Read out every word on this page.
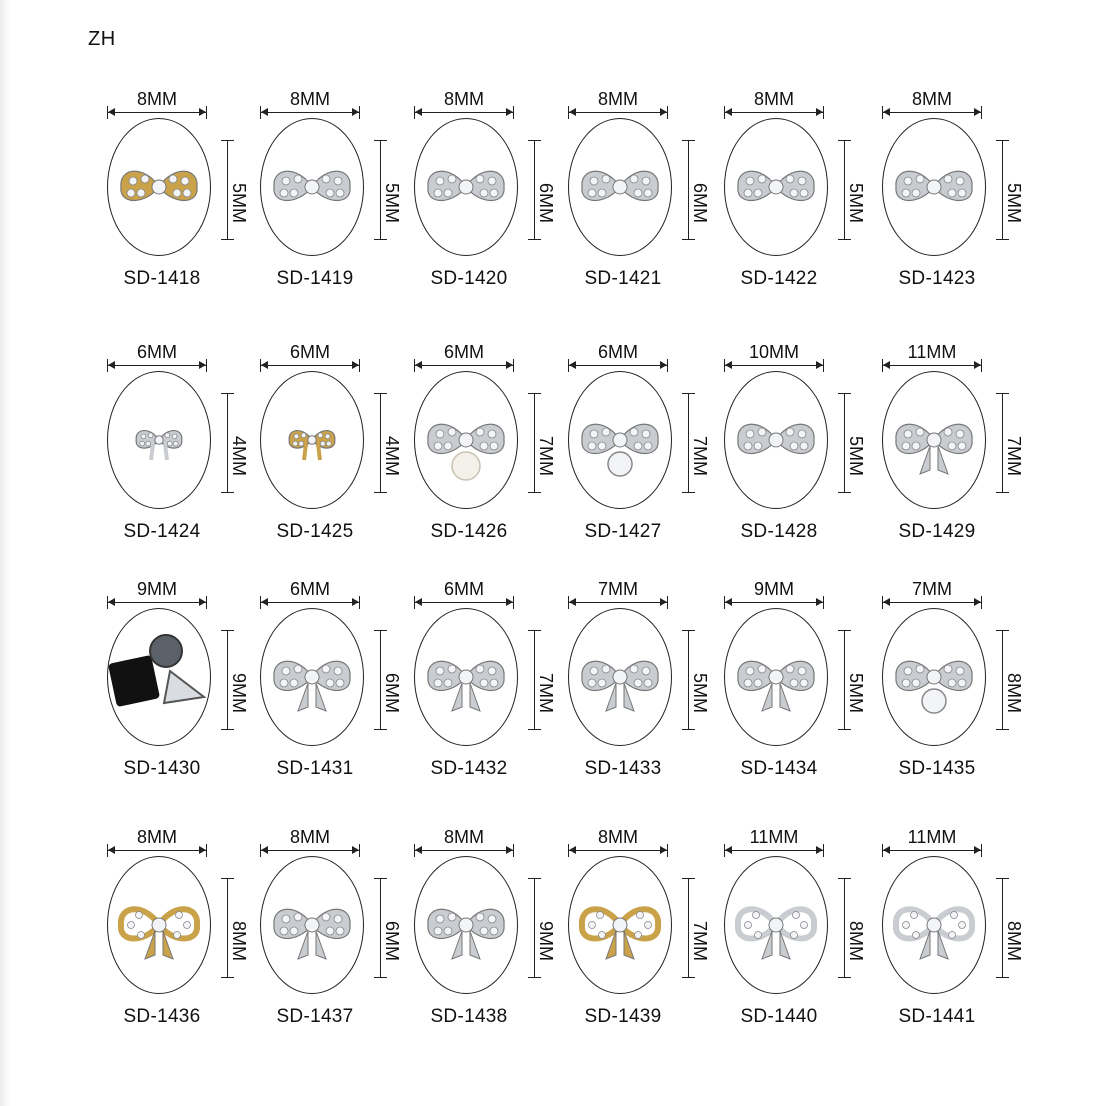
ZH
8MM
5MM
SD-1418
8MM
5MM
SD-1419
8MM
6MM
SD-1420
8MM
6MM
SD-1421
8MM
5MM
SD-1422
8MM
5MM
SD-1423
6MM
4MM
SD-1424
6MM
4MM
SD-1425
6MM
7MM
SD-1426
6MM
7MM
SD-1427
10MM
5MM
SD-1428
11MM
7MM
SD-1429
9MM
9MM
SD-1430
6MM
6MM
SD-1431
6MM
7MM
SD-1432
7MM
5MM
SD-1433
9MM
5MM
SD-1434
7MM
8MM
SD-1435
8MM
8MM
SD-1436
8MM
6MM
SD-1437
8MM
9MM
SD-1438
8MM
7MM
SD-1439
11MM
8MM
SD-1440
11MM
8MM
SD-1441
